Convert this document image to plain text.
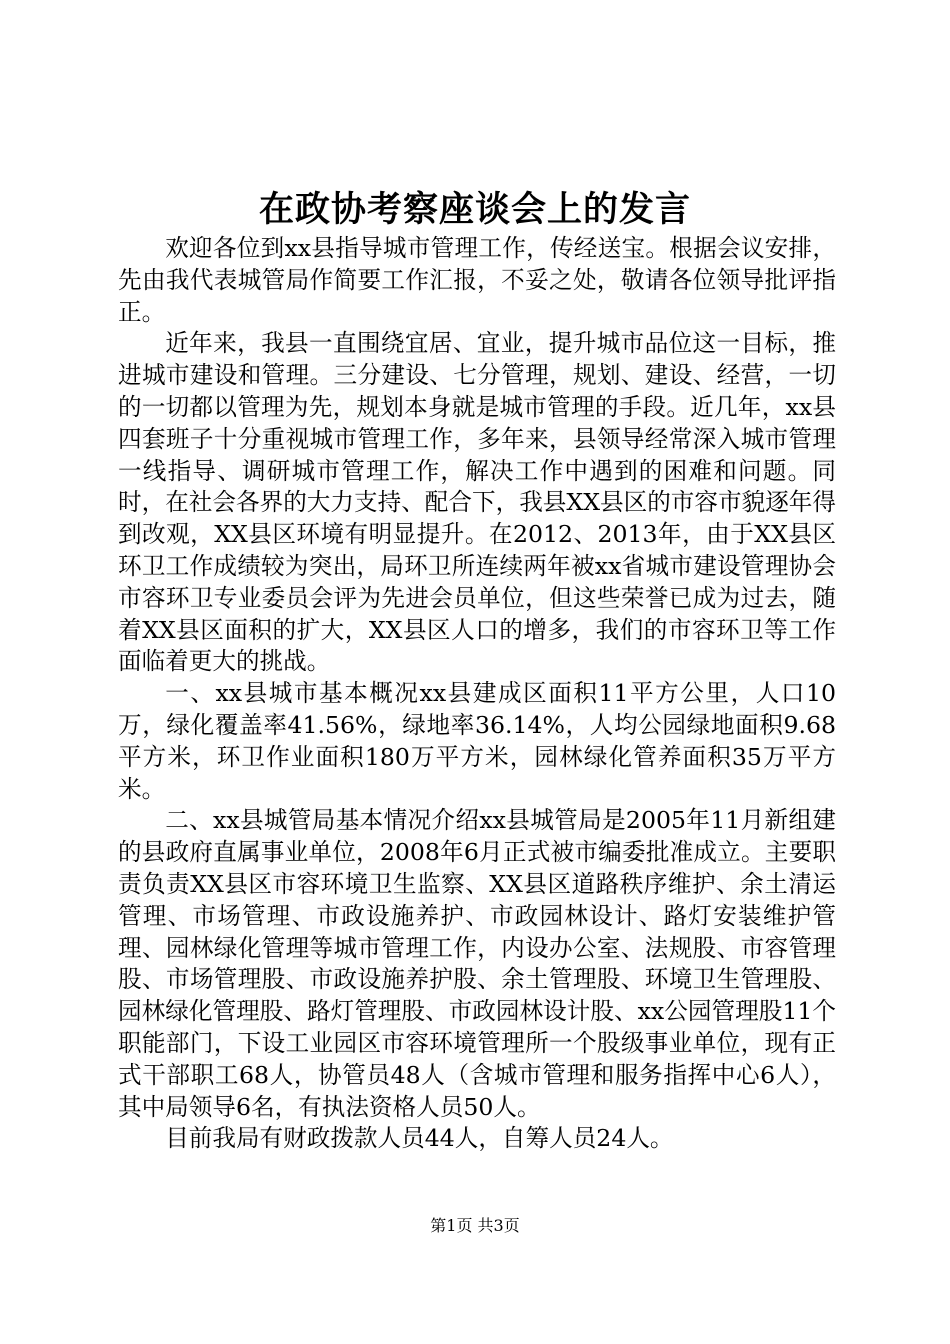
在政协考察座谈会上的发言

欢迎各位到xx县指导城市管理工作，传经送宝。根据会议安排，先由我代表城管局作简要工作汇报，不妥之处，敬请各位领导批评指正。

近年来，我县一直围绕宜居、宜业，提升城市品位这一目标，推进城市建设和管理。三分建设、七分管理，规划、建设、经营，一切的一切都以管理为先，规划本身就是城市管理的手段。近几年，xx县四套班子十分重视城市管理工作，多年来，县领导经常深入城市管理一线指导、调研城市管理工作，解决工作中遇到的困难和问题。同时，在社会各界的大力支持、配合下，我县XX县区的市容市貌逐年得到改观，XX县区环境有明显提升。在2012、2013年，由于XX县区环卫工作成绩较为突出，局环卫所连续两年被xx省城市建设管理协会市容环卫专业委员会评为先进会员单位，但这些荣誉已成为过去，随着XX县区面积的扩大，XX县区人口的增多，我们的市容环卫等工作面临着更大的挑战。

一、xx县城市基本概况xx县建成区面积11平方公里，人口10万，绿化覆盖率41.56%，绿地率36.14%，人均公园绿地面积9.68平方米，环卫作业面积180万平方米，园林绿化管养面积35万平方米。

二、xx县城管局基本情况介绍xx县城管局是2005年11月新组建的县政府直属事业单位，2008年6月正式被市编委批准成立。主要职责负责XX县区市容环境卫生监察、XX县区道路秩序维护、余土清运管理、市场管理、市政设施养护、市政园林设计、路灯安装维护管理、园林绿化管理等城市管理工作，内设办公室、法规股、市容管理股、市场管理股、市政设施养护股、余土管理股、环境卫生管理股、园林绿化管理股、路灯管理股、市政园林设计股、xx公园管理股11个职能部门，下设工业园区市容环境管理所一个股级事业单位，现有正式干部职工68人，协管员48人（含城市管理和服务指挥中心6人），其中局领导6名，有执法资格人员50人。

目前我局有财政拨款人员44人，自筹人员24人。

第1页 共3页
